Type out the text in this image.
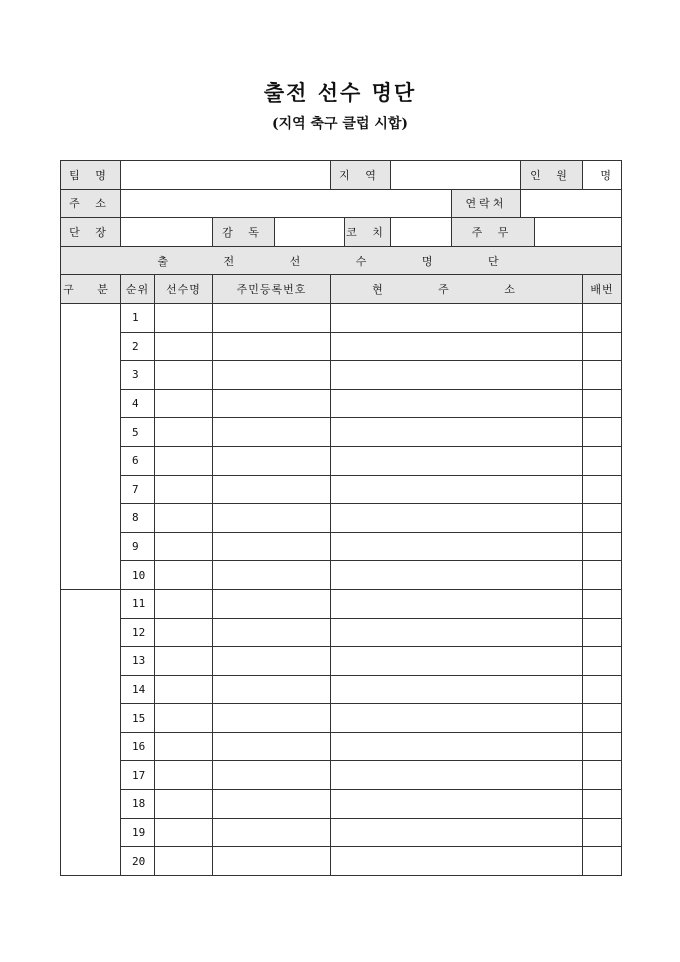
출전 선수 명단

(지역 축구 클럽 시합)

팀 명					지 역				인 원		명
주 소								연락처			
단 장			감 독			코 치		주 무			
출 전 선 수 명 단											
구 분	순위	선수명	주민등록번호		현 주 소						배번
	1										
	2										
	3										
	4										
	5										
	6										
	7										
	8										
	9										
	10										
	11										
	12										
	13										
	14										
	15										
	16										
	17										
	18										
	19										
	20										
